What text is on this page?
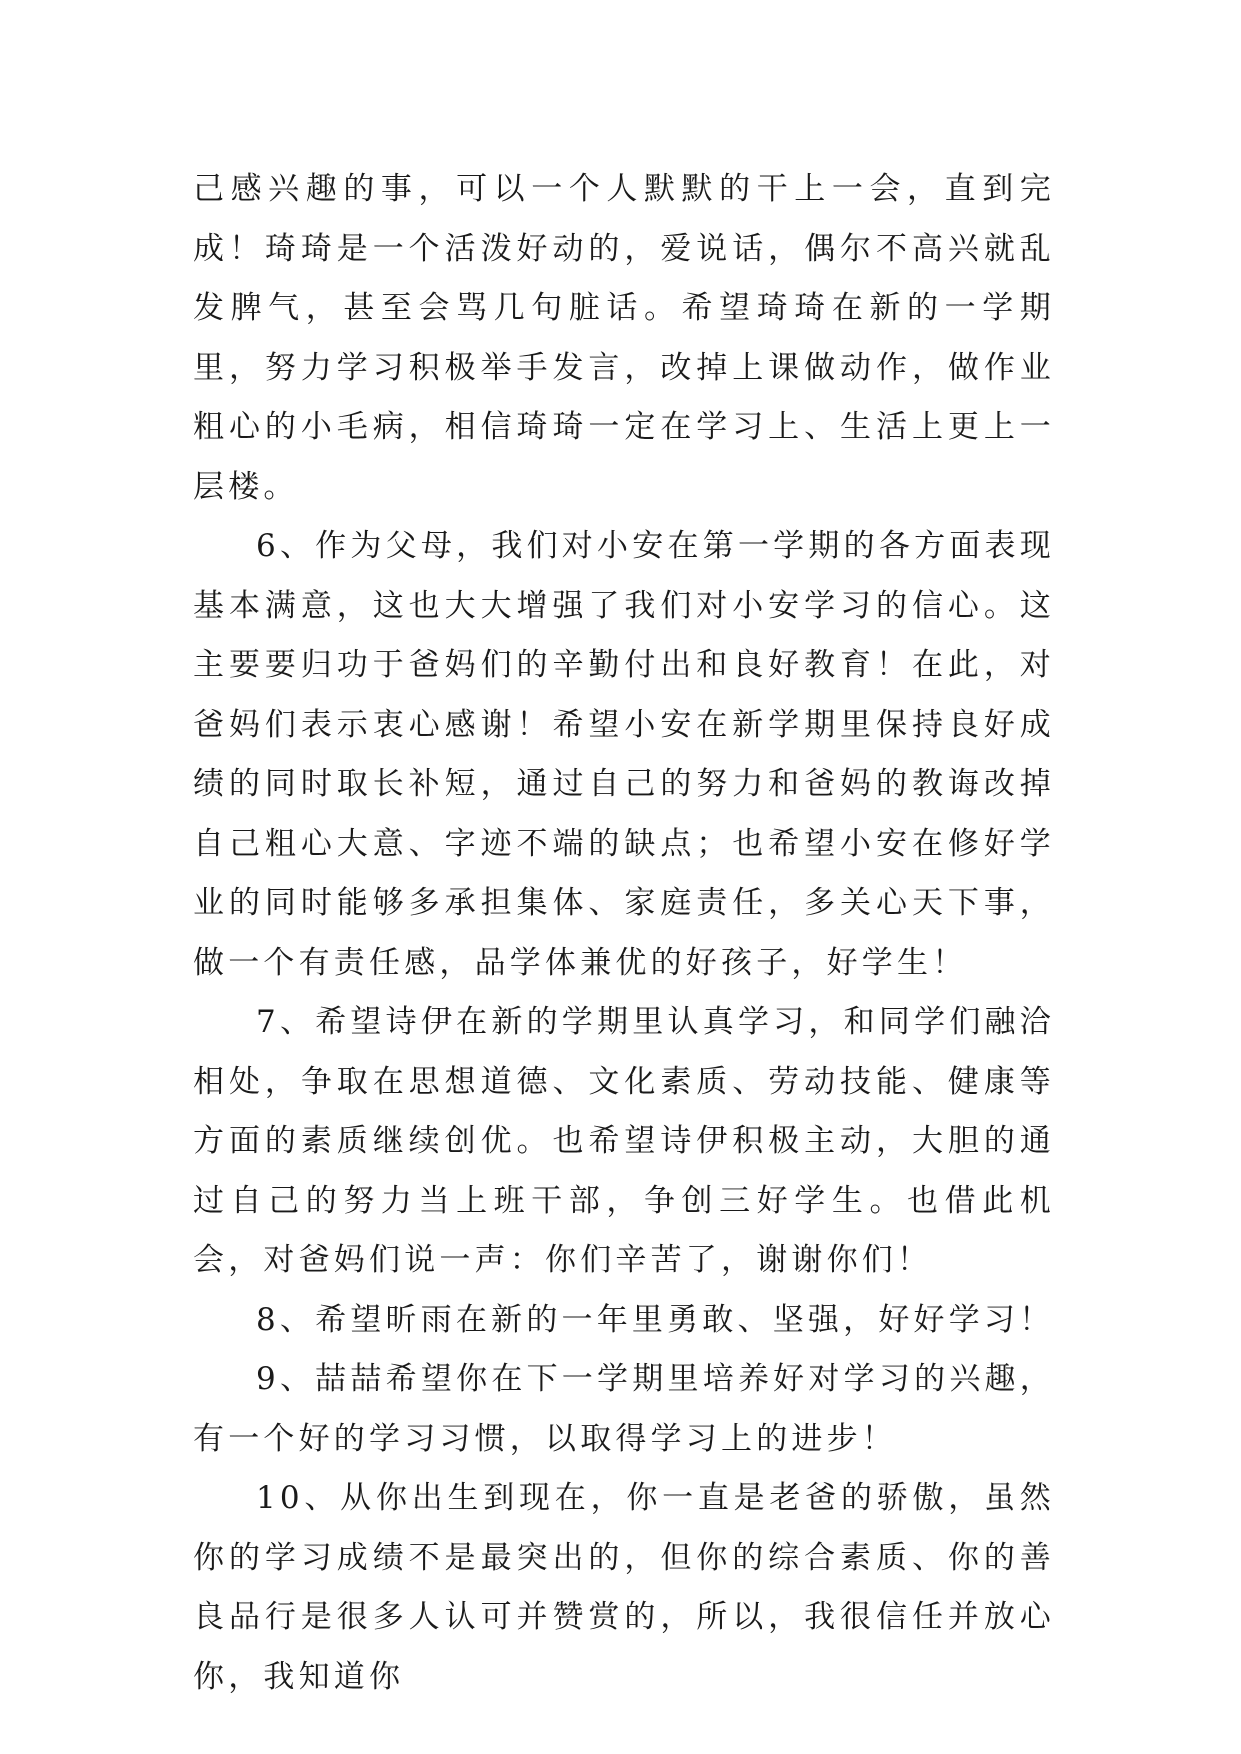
己感兴趣的事，可以一个人默默的干上一会，直到完成！琦琦是一个活泼好动的，爱说话，偶尔不高兴就乱发脾气，甚至会骂几句脏话。希望琦琦在新的一学期里，努力学习积极举手发言，改掉上课做动作，做作业粗心的小毛病，相信琦琦一定在学习上、生活上更上一层楼。

6、作为父母，我们对小安在第一学期的各方面表现基本满意，这也大大增强了我们对小安学习的信心。这主要要归功于爸妈们的辛勤付出和良好教育！在此，对爸妈们表示衷心感谢！希望小安在新学期里保持良好成绩的同时取长补短，通过自己的努力和爸妈的教诲改掉自己粗心大意、字迹不端的缺点；也希望小安在修好学业的同时能够多承担集体、家庭责任，多关心天下事，做一个有责任感，品学体兼优的好孩子，好学生！

7、希望诗伊在新的学期里认真学习，和同学们融洽相处，争取在思想道德、文化素质、劳动技能、健康等方面的素质继续创优。也希望诗伊积极主动，大胆的通过自己的努力当上班干部，争创三好学生。也借此机会，对爸妈们说一声：你们辛苦了，谢谢你们！

8、希望昕雨在新的一年里勇敢、坚强，好好学习！

9、喆喆希望你在下一学期里培养好对学习的兴趣，有一个好的学习习惯，以取得学习上的进步！

10、从你出生到现在，你一直是老爸的骄傲，虽然你的学习成绩不是最突出的，但你的综合素质、你的善良品行是很多人认可并赞赏的，所以，我很信任并放心你，我知道你
